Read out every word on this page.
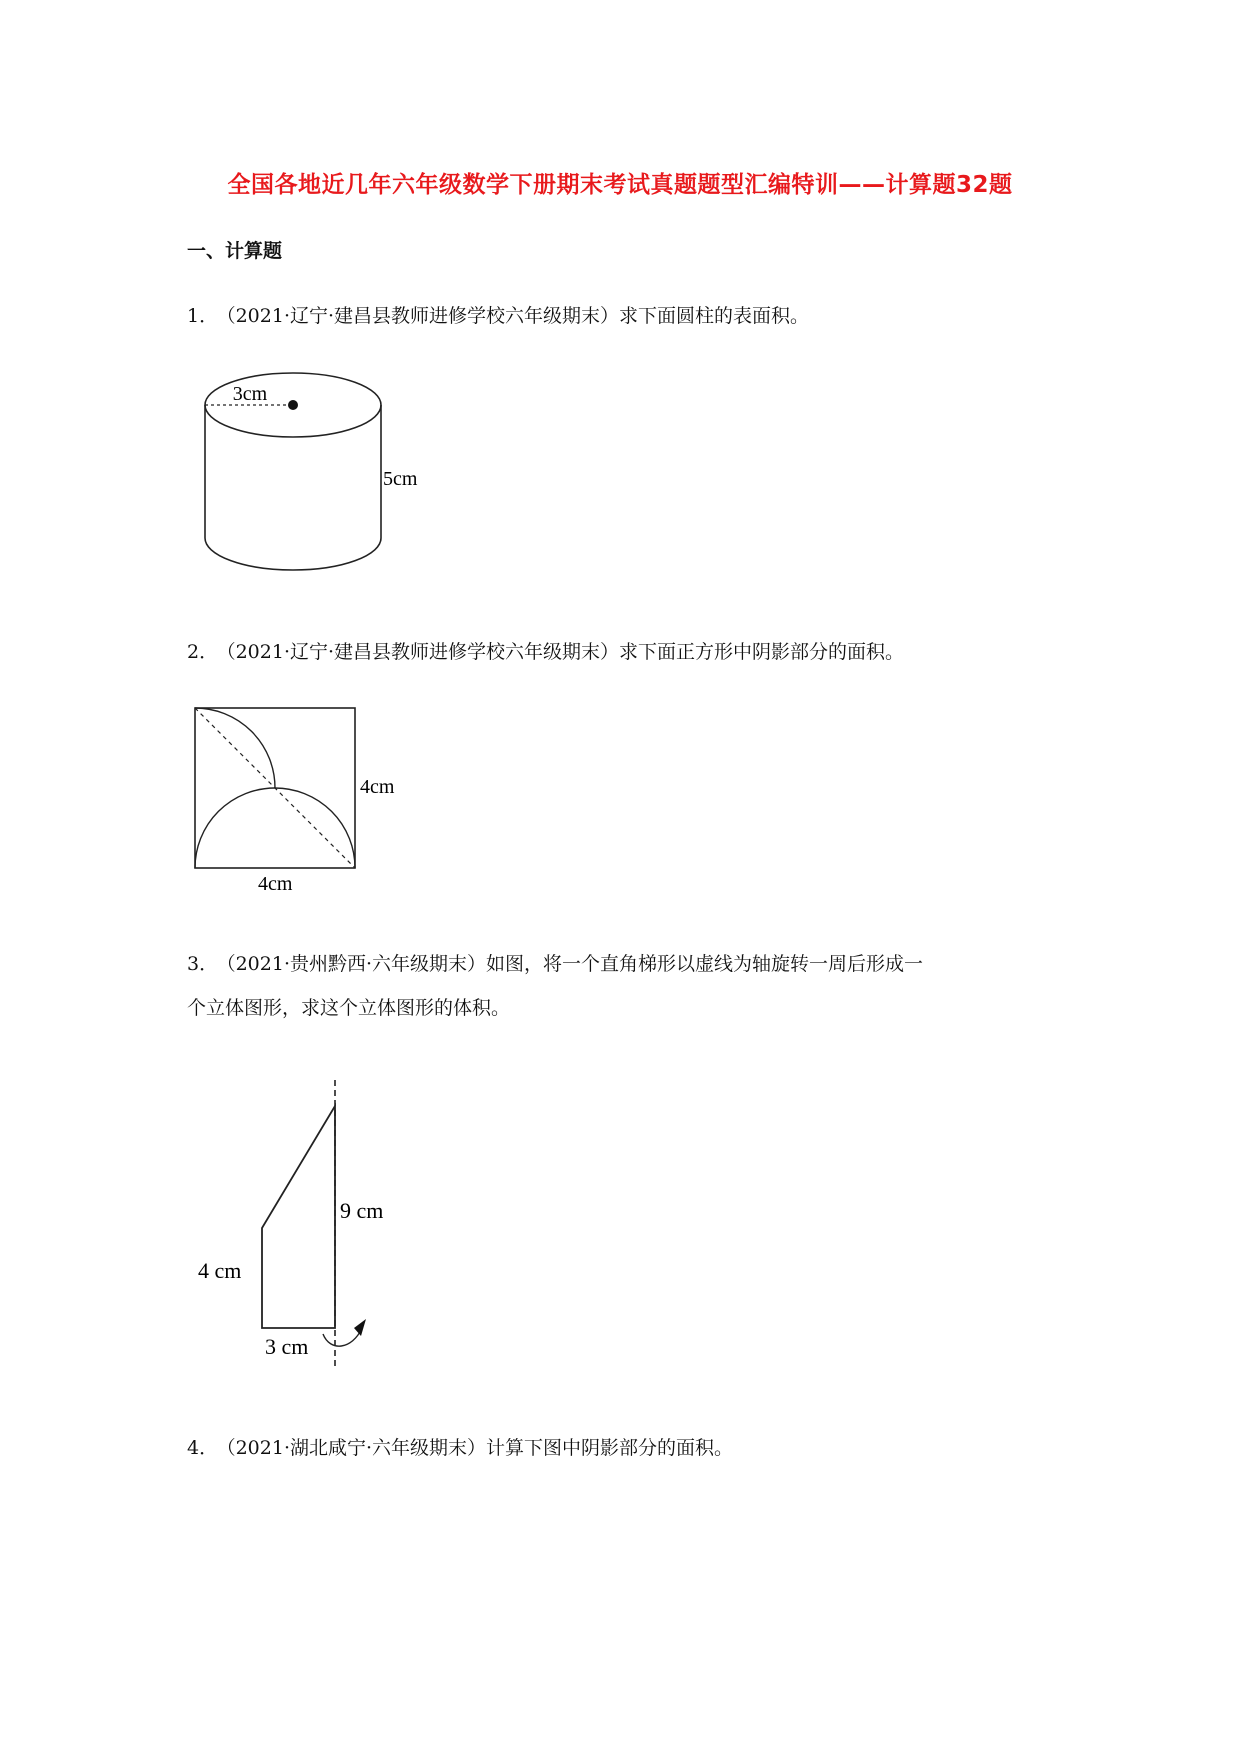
全国各地近几年六年级数学下册期末考试真题题型汇编特训——计算题32题
一、计算题
1． （2021·辽宁·建昌县教师进修学校六年级期末）求下面圆柱的表面积。
3cm
5cm
2． （2021·辽宁·建昌县教师进修学校六年级期末）求下面正方形中阴影部分的面积。
4cm
4cm
3． （2021·贵州黔西·六年级期末）如图，将一个直角梯形以虚线为轴旋转一周后形成一
个立体图形，求这个立体图形的体积。
9 cm
4 cm
3 cm
4． （2021·湖北咸宁·六年级期末）计算下图中阴影部分的面积。
